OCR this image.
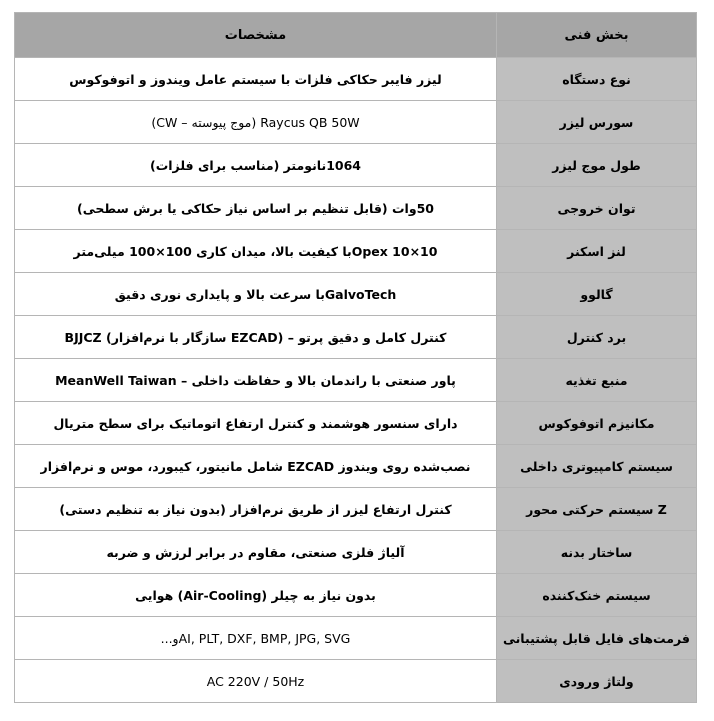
بخش فنی	مشخصات
نوع دستگاه	لیزر فایبر حکاکی فلزات با سیستم عامل ویندوز و اتوفوکوس
سورس لیزر	Raycus QB 50W (موج پیوسته – CW)
طول موج لیزر	1064نانومتر (مناسب برای فلزات)
توان خروجی	50وات (قابل تنظیم بر اساس نیاز حکاکی یا برش سطحی)
لنز اسکنر	Opex 10×10با کیفیت بالا، میدان کاری 100×100 میلی‌متر
گالوو	GalvoTechبا سرعت بالا و پایداری نوری دقیق
برد کنترل	کنترل کامل و دقیق پرتو – (EZCAD سازگار با نرم‌افزار) BJJCZ
منبع تغذیه	پاور صنعتی با راندمان بالا و حفاظت داخلی – MeanWell Taiwan
مکانیزم اتوفوکوس	دارای سنسور هوشمند و کنترل ارتفاع اتوماتیک برای سطح متریال
سیستم کامپیوتری داخلی	نصب‌شده روی ویندوز EZCAD شامل مانیتور، کیبورد، موس و نرم‌افزار
Z سیستم حرکتی محور	کنترل ارتفاع لیزر از طریق نرم‌افزار (بدون نیاز به تنظیم دستی)
ساختار بدنه	آلیاژ فلزی صنعتی، مقاوم در برابر لرزش و ضربه
سیستم خنک‌کننده	بدون نیاز به چیلر (Air-Cooling) هوایی
فرمت‌های فایل قابل پشتیبانی	AI, PLT, DXF, BMP, JPG, SVGو...
ولتاژ ورودی	AC 220V / 50Hz
